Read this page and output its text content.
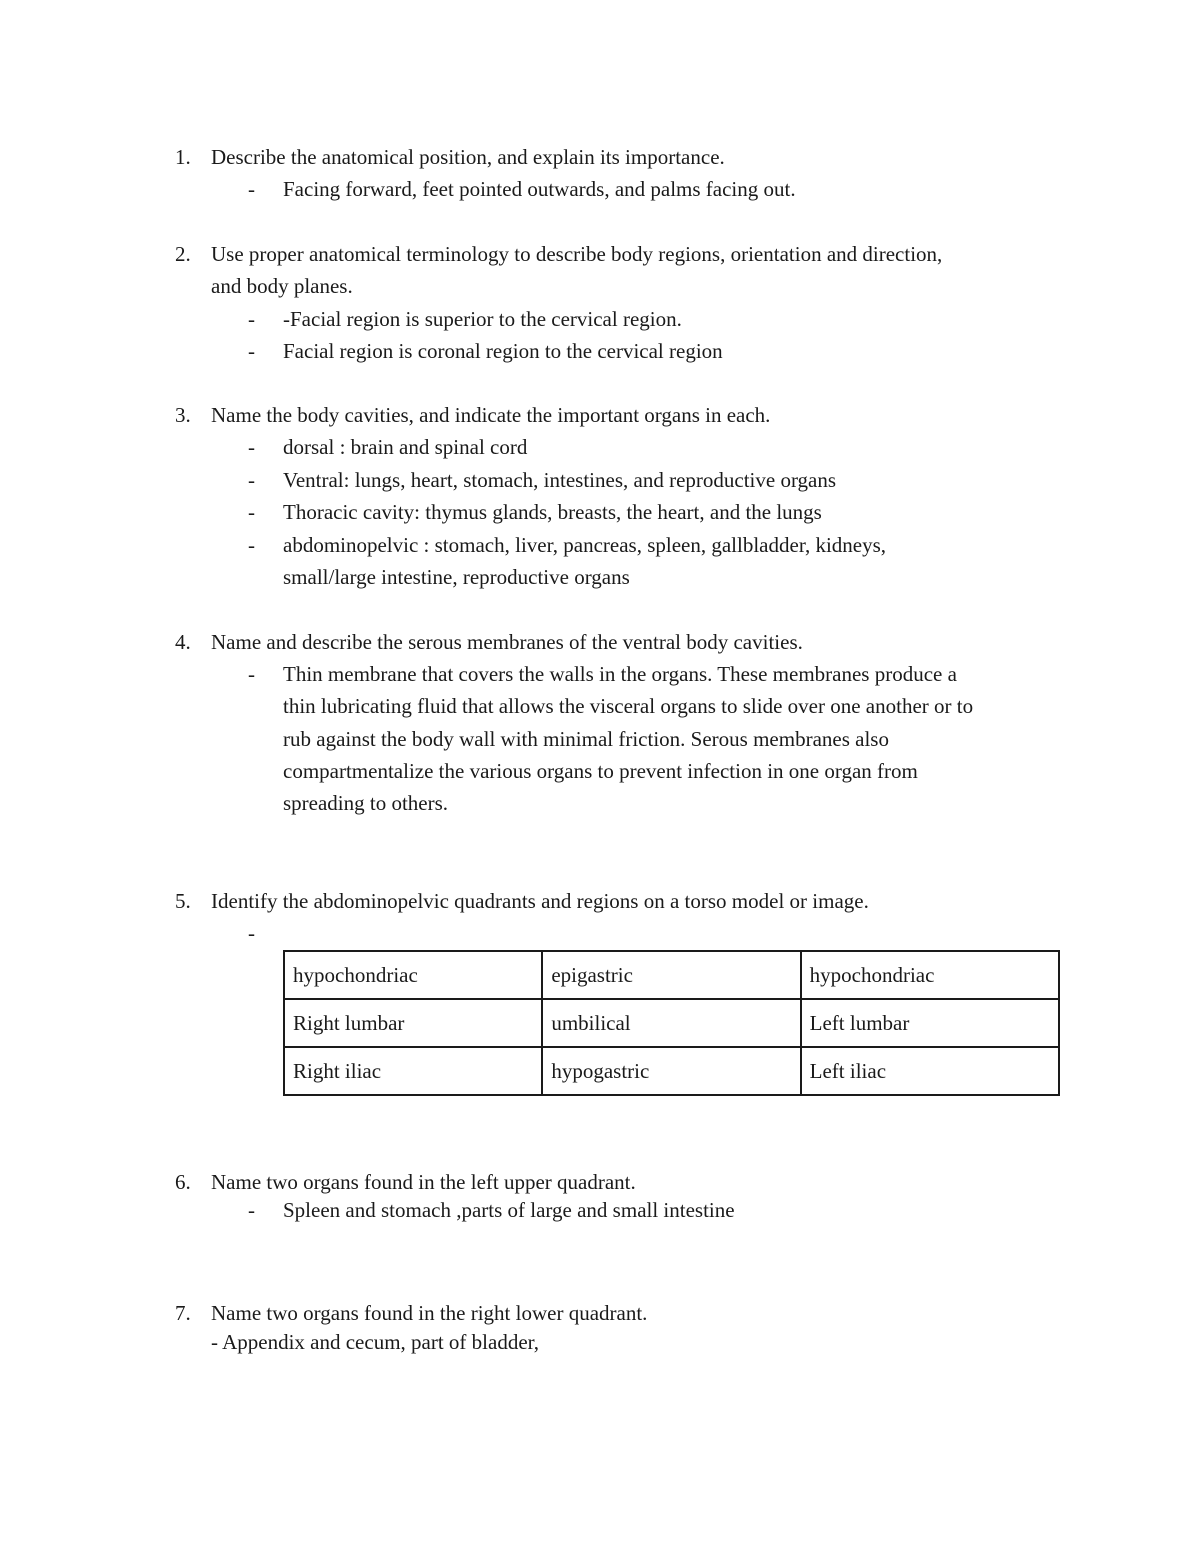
1. Describe the anatomical position, and explain its importance.
-	Facing forward, feet pointed outwards, and palms facing out.
2. Use proper anatomical terminology to describe body regions, orientation and direction,
and body planes.
-	-Facial region is superior to the cervical region.
-	Facial region is coronal region to the cervical region
3. Name the body cavities, and indicate the important organs in each.
-	dorsal : brain and spinal cord
-	Ventral: lungs, heart, stomach, intestines, and reproductive organs
-	Thoracic cavity: thymus glands, breasts, the heart, and the lungs
-	abdominopelvic : stomach, liver, pancreas, spleen, gallbladder, kidneys,
small/large intestine, reproductive organs
4. Name and describe the serous membranes of the ventral body cavities.
-	Thin membrane that covers the walls in the organs. These membranes produce a
thin lubricating fluid that allows the visceral organs to slide over one another or to
rub against the body wall with minimal friction. Serous membranes also
compartmentalize the various organs to prevent infection in one organ from
spreading to others.
5. Identify the abdominopelvic quadrants and regions on a torso model or image.
-
hypochondriac	epigastric	hypochondriac
Right lumbar	umbilical	Left lumbar
Right iliac	hypogastric	Left iliac
6. Name two organs found in the left upper quadrant.
-	Spleen and stomach ,parts of large and small intestine
7. Name two organs found in the right lower quadrant.
- Appendix and cecum, part of bladder,
